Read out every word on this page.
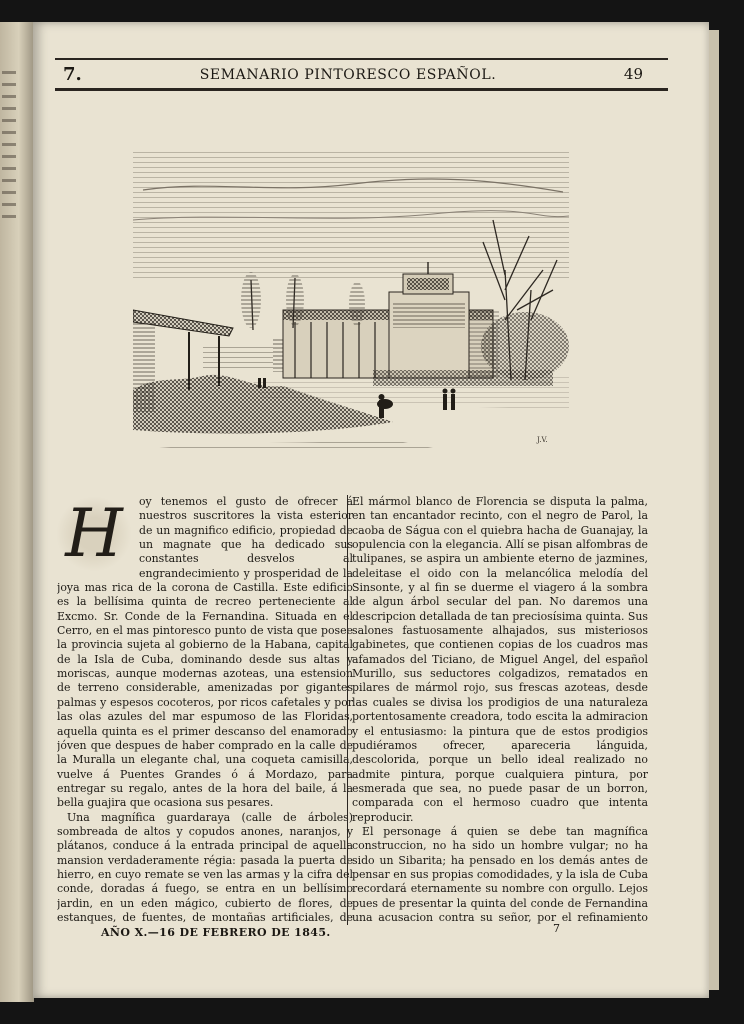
7.	SEMANARIO PINTORESCO ESPAÑOL.	49
J.V.
H	oy tenemos el gusto de ofrecer á nuestros suscritores la vista esterior de un magnifico edificio, propiedad de un magnate que ha dedicado sus constantes desvelos al engrandecimiento y prosperidad de la joya mas rica de la corona de Castilla. Este edificio es la bellísima quinta de recreo perteneciente al Excmo. Sr. Conde de la Fernandina. Situada en el Cerro, en el mas pintoresco punto de vista que posee la provincia sujeta al gobierno de la Habana, capital de la Isla de Cuba, dominando desde sus altas y moriscas, aunque modernas azoteas, una estension de terreno considerable, amenizadas por gigantes palmas y espesos cocoteros, por ricos cafetales y por las olas azules del mar espumoso de las Floridas, aquella quinta es el primer descanso del enamorado jóven que despues de haber comprado en la calle de la Muralla un elegante chal, una coqueta camisilla, vuelve á Puentes Grandes ó á Mordazo, para entregar su regalo, antes de la hora del baile, á la bella guajira que ocasiona sus pesares.

Una magnífica guardaraya (calle de árboles) sombreada de altos y copudos anones, naranjos, y plátanos, conduce á la entrada principal de aquella mansion verdaderamente régia: pasada la puerta de hierro, en cuyo remate se ven las armas y la cifra del conde, doradas á fuego, se entra en un bellísimo jardin, en un eden mágico, cubierto de flores, de estanques, de fuentes, de montañas artificiales, de

El mármol blanco de Florencia se disputa la palma, en tan encantador recinto, con el negro de Parol, la caoba de Ságua con el quiebra hacha de Guanajay, la opulencia con la elegancia. Allí se pisan alfombras de tulipanes, se aspira un ambiente eterno de jazmines, deleitase el oido con la melancólica melodía del Sinsonte, y al fin se duerme el viagero á la sombra de algun árbol secular del pan. No daremos una descripcion detallada de tan preciosísima quinta. Sus salones fastuosamente alhajados, sus misteriosos gabinetes, que contienen copias de los cuadros mas afamados del Ticiano, de Miguel Angel, del español Murillo, sus seductores colgadizos, rematados en pilares de mármol rojo, sus frescas azoteas, desde las cuales se divisa los prodigios de una naturaleza portentosamente creadora, todo escita la admiracion y el entusiasmo: la pintura que de estos prodigios pudiéramos ofrecer, apareceria lánguida, descolorida, porque un bello ideal realizado no admite pintura, porque cualquiera pintura, por esmerada que sea, no puede pasar de un borron, comparada con el hermoso cuadro que intenta reproducir.

El personage á quien se debe tan magnífica construccion, no ha sido un hombre vulgar; no ha sido un Sibarita; ha pensado en los demás antes de pensar en sus propias comodidades, y la isla de Cuba recordará eternamente su nombre con orgullo. Lejos pues de presentar la quinta del conde de Fernandina una acusacion contra su señor, por el refinamiento

AÑO X.—16 DE FEBRERO DE 1845.	7
